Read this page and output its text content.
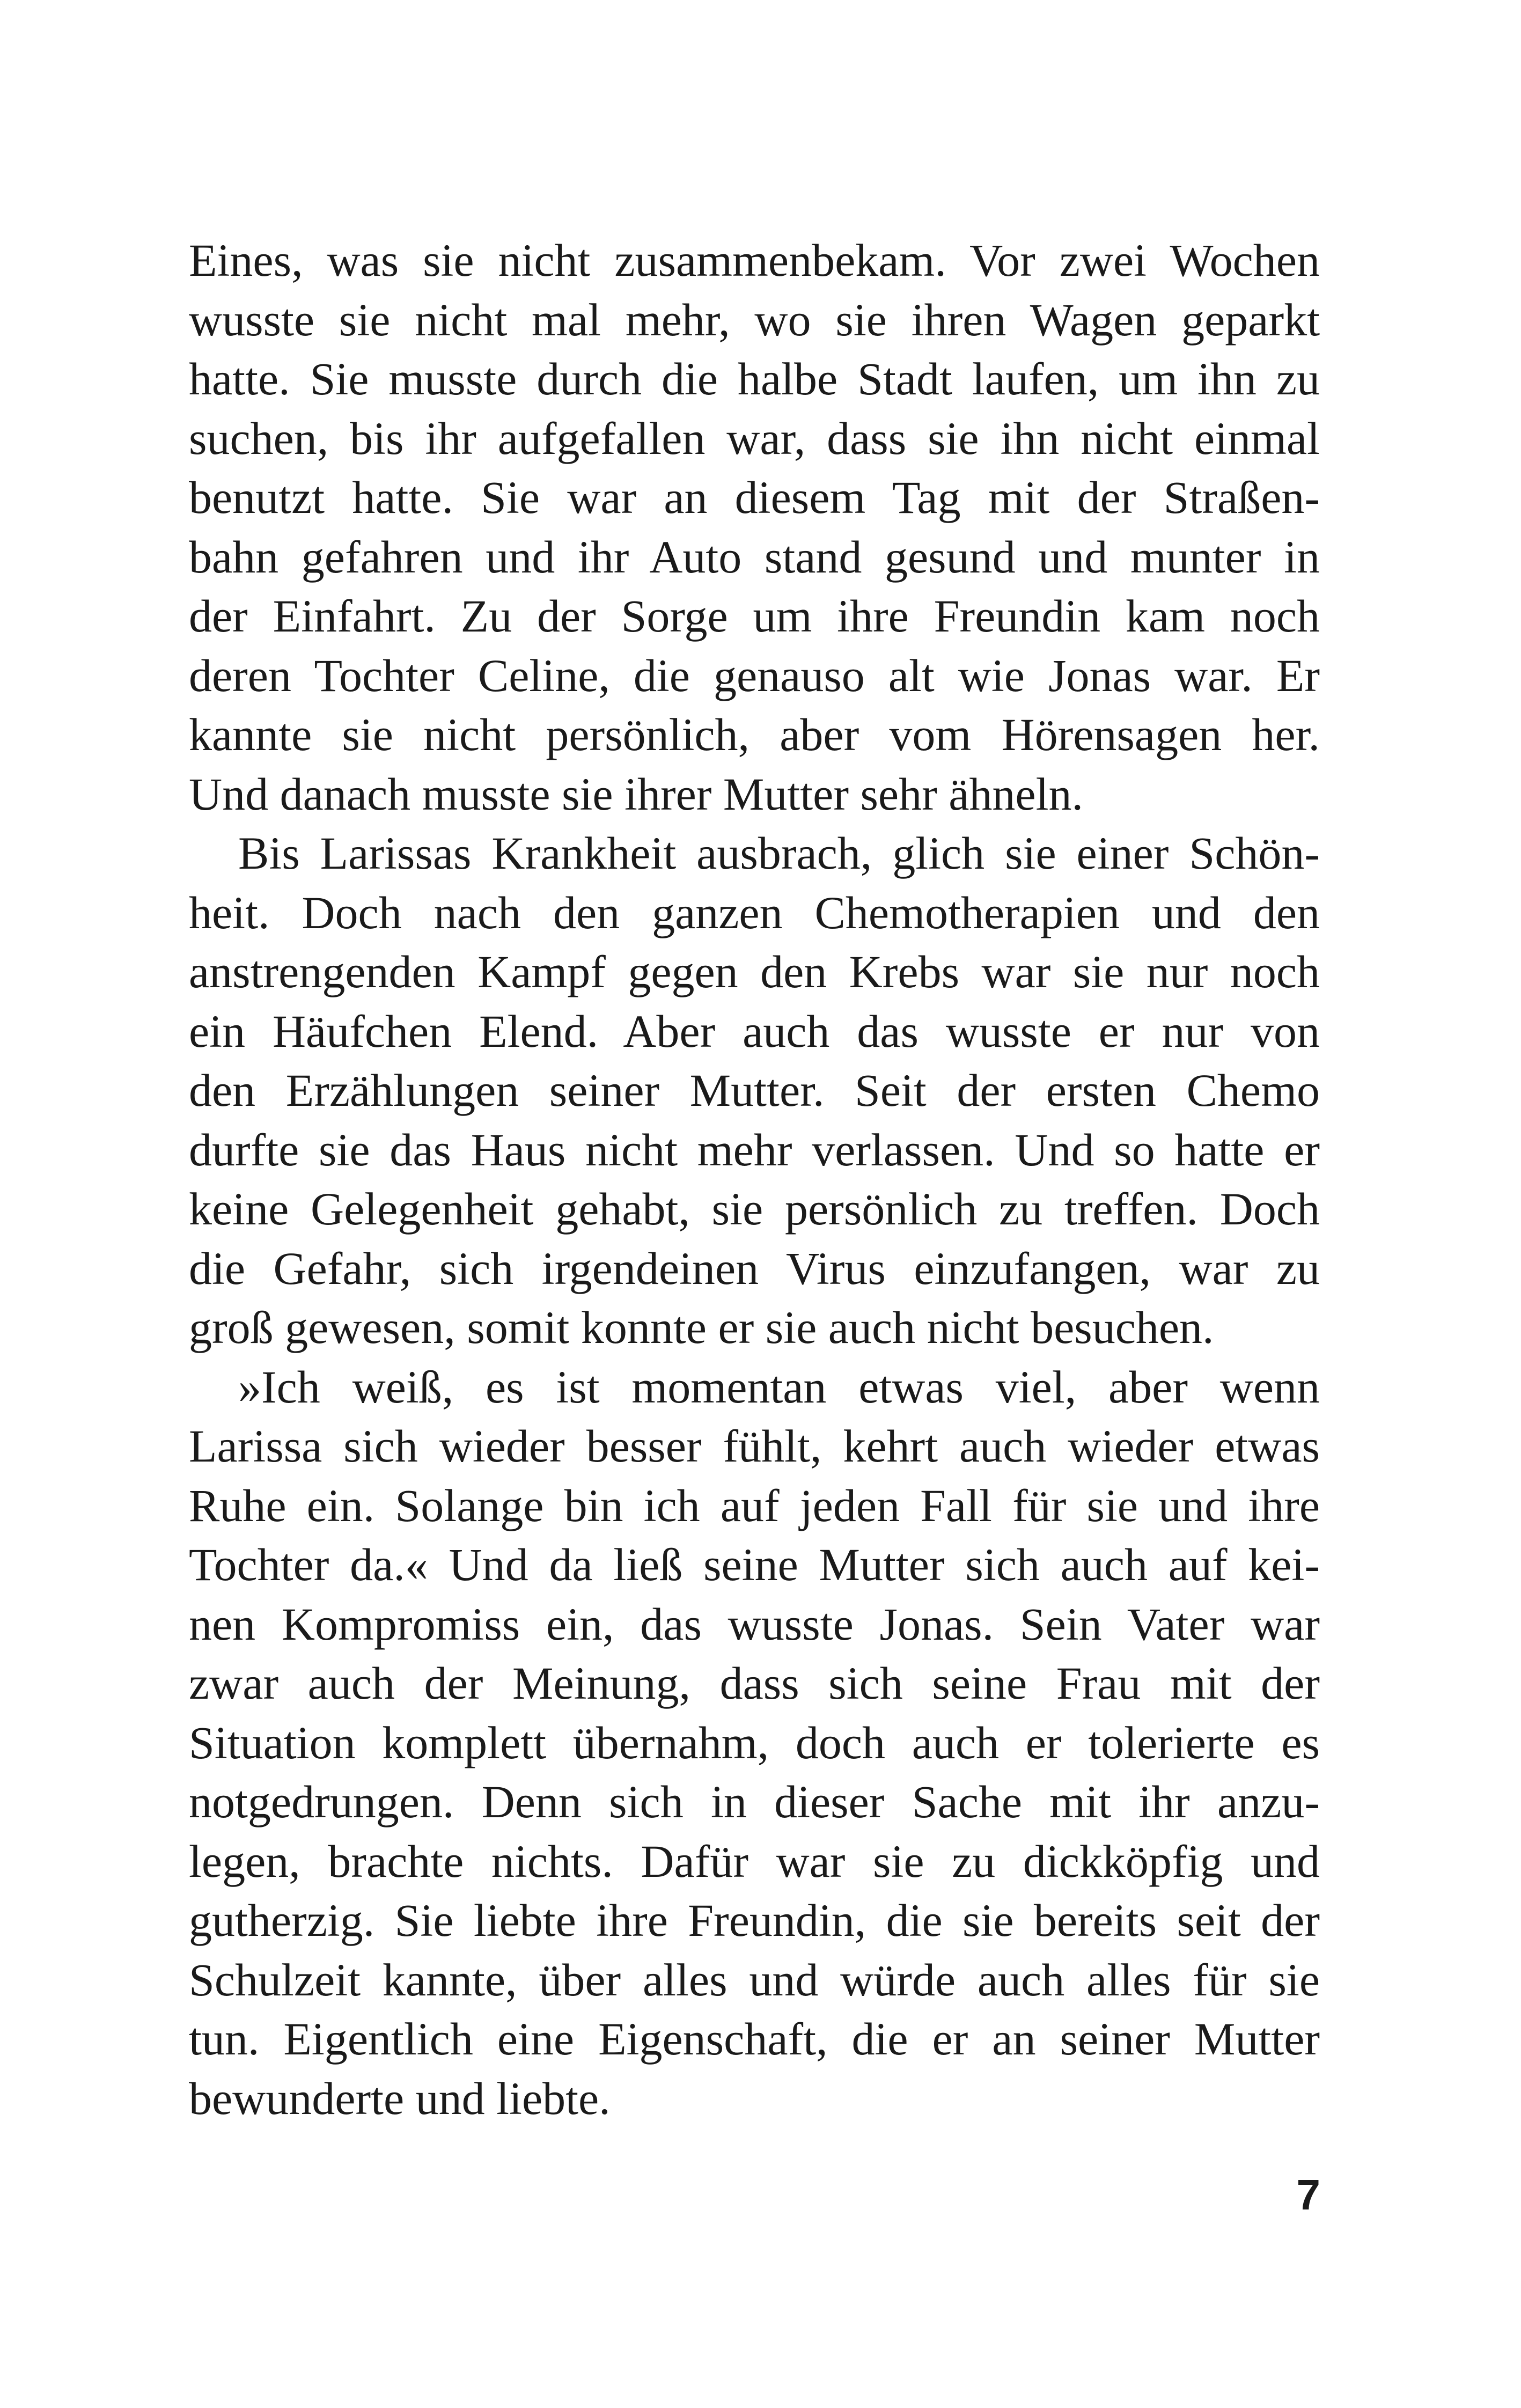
Eines, was sie nicht zusammenbekam. Vor zwei Wochen
wusste sie nicht mal mehr, wo sie ihren Wagen geparkt
hatte. Sie musste durch die halbe Stadt laufen, um ihn zu
suchen, bis ihr aufgefallen war, dass sie ihn nicht einmal
benutzt hatte. Sie war an diesem Tag mit der Straßen-
bahn gefahren und ihr Auto stand gesund und munter in
der Einfahrt. Zu der Sorge um ihre Freundin kam noch
deren Tochter Celine, die genauso alt wie Jonas war. Er
kannte sie nicht persönlich, aber vom Hörensagen her.
Und danach musste sie ihrer Mutter sehr ähneln.
Bis Larissas Krankheit ausbrach, glich sie einer Schön-
heit. Doch nach den ganzen Chemotherapien und den
anstrengenden Kampf gegen den Krebs war sie nur noch
ein Häufchen Elend. Aber auch das wusste er nur von
den Erzählungen seiner Mutter. Seit der ersten Chemo
durfte sie das Haus nicht mehr verlassen. Und so hatte er
keine Gelegenheit gehabt, sie persönlich zu treffen. Doch
die Gefahr, sich irgendeinen Virus einzufangen, war zu
groß gewesen, somit konnte er sie auch nicht besuchen.
»Ich weiß, es ist momentan etwas viel, aber wenn
Larissa sich wieder besser fühlt, kehrt auch wieder etwas
Ruhe ein. Solange bin ich auf jeden Fall für sie und ihre
Tochter da.« Und da ließ seine Mutter sich auch auf kei-
nen Kompromiss ein, das wusste Jonas. Sein Vater war
zwar auch der Meinung, dass sich seine Frau mit der
Situation komplett übernahm, doch auch er tolerierte es
notgedrungen. Denn sich in dieser Sache mit ihr anzu-
legen, brachte nichts. Dafür war sie zu dickköpfig und
gutherzig. Sie liebte ihre Freundin, die sie bereits seit der
Schulzeit kannte, über alles und würde auch alles für sie
tun. Eigentlich eine Eigenschaft, die er an seiner Mutter
bewunderte und liebte.
7
